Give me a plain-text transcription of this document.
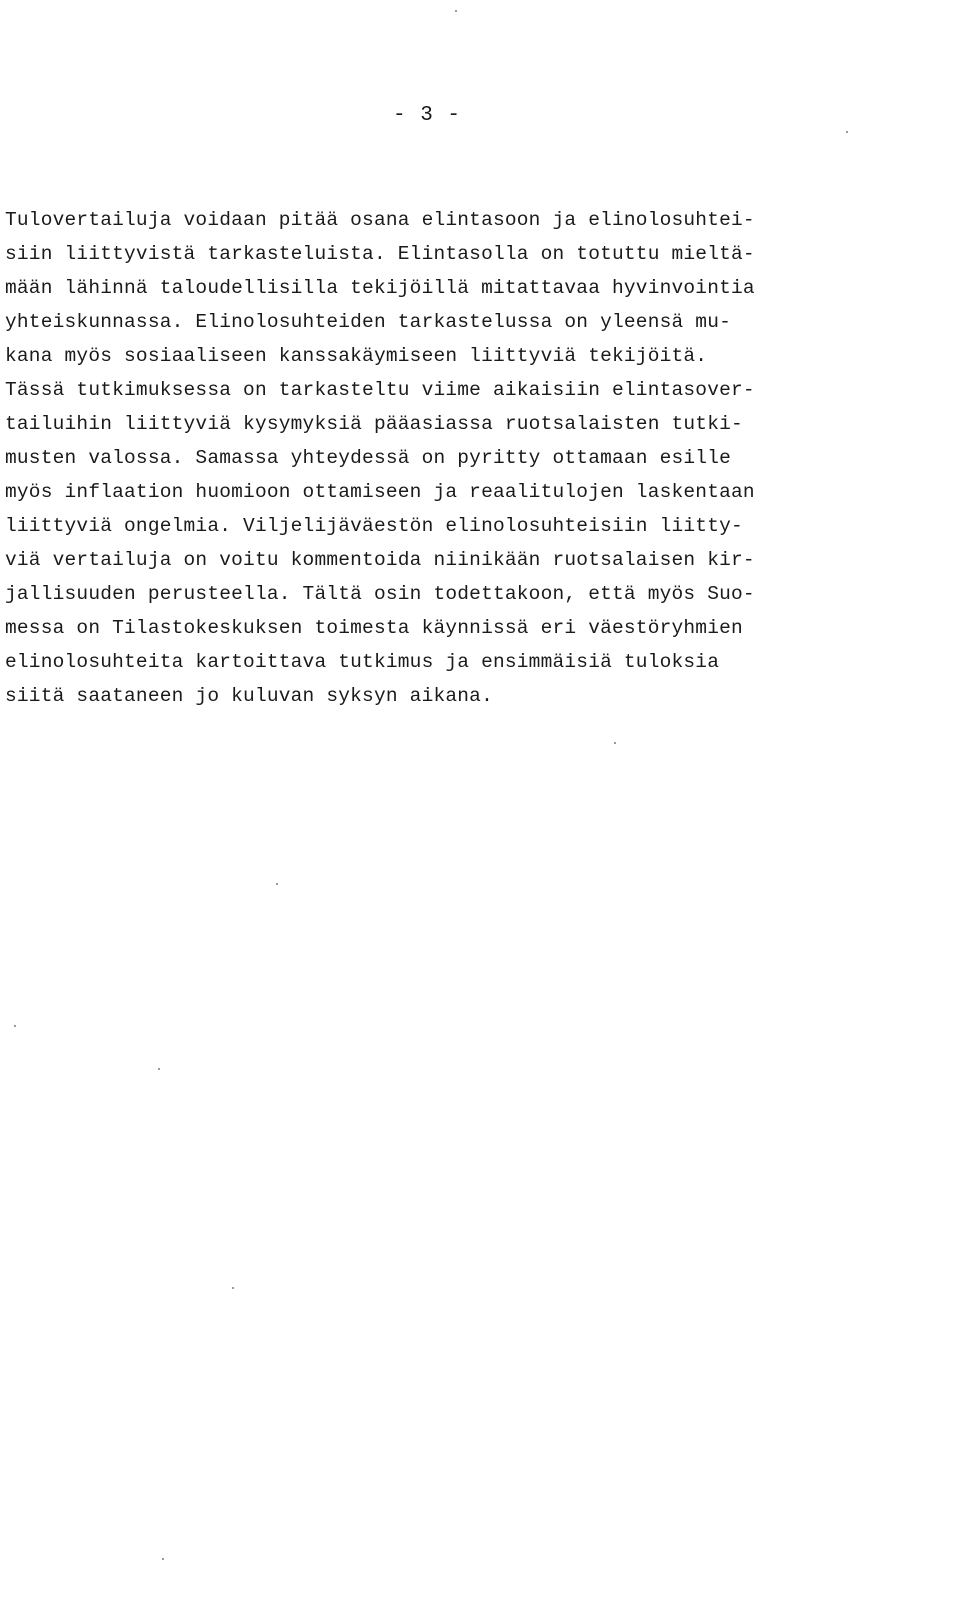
- 3 -
Tulovertailuja voidaan pitää osana elintasoon ja elinolosuhtei-
siin liittyvistä tarkasteluista. Elintasolla on totuttu mieltä-
mään lähinnä taloudellisilla tekijöillä mitattavaa hyvinvointia
yhteiskunnassa. Elinolosuhteiden tarkastelussa on yleensä mu-
kana myös sosiaaliseen kanssakäymiseen liittyviä tekijöitä.
Tässä tutkimuksessa on tarkasteltu viime aikaisiin elintasover-
tailuihin liittyviä kysymyksiä pääasiassa ruotsalaisten tutki-
musten valossa. Samassa yhteydessä on pyritty ottamaan esille
myös inflaation huomioon ottamiseen ja reaalitulojen laskentaan
liittyviä ongelmia. Viljelijäväestön elinolosuhteisiin liitty-
viä vertailuja on voitu kommentoida niinikään ruotsalaisen kir-
jallisuuden perusteella. Tältä osin todettakoon, että myös Suo-
messa on Tilastokeskuksen toimesta käynnissä eri väestöryhmien
elinolosuhteita kartoittava tutkimus ja ensimmäisiä tuloksia
siitä saataneen jo kuluvan syksyn aikana.
